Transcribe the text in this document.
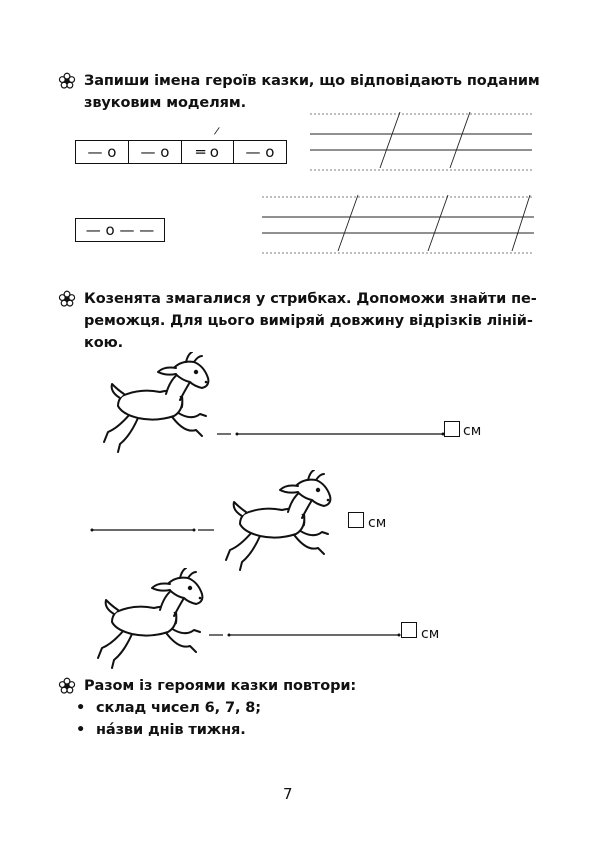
Запиши імена героїв казки, що відповідають поданим
звуковим моделям.
/
— о	— о	═ о	— о
— о — —
Козенята змагалися у стрибках. Допоможи знайти пе-
реможця. Для цього виміряй довжину відрізків лінiй-
кою.
см
см
см
Разом із героями казки повтори:
• склад чисел 6, 7, 8;
• на́зви днів тижня.
7
